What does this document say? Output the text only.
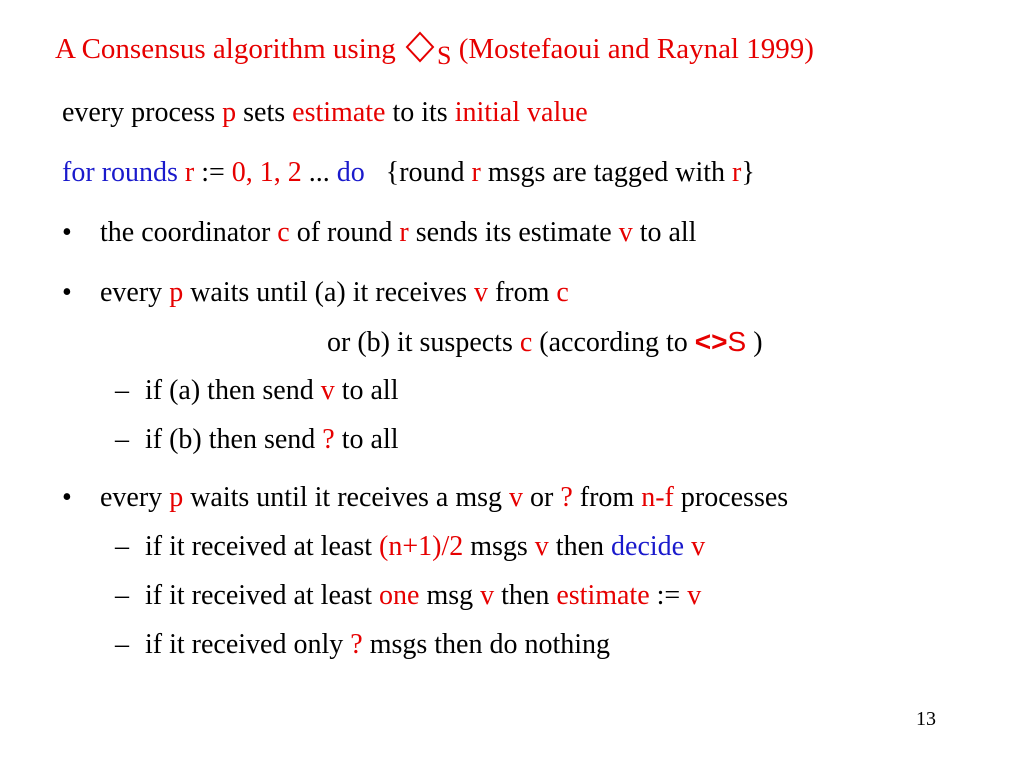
A Consensus algorithm using S (Mostefaoui and Raynal 1999)
every process p sets estimate to its initial value
for rounds r := 0, 1, 2 ... do   {round r msgs are tagged with r}
• the coordinator c of round r sends its estimate v to all
• every p waits until (a) it receives v from c
or (b) it suspects c (according to <>S )
– if (a) then send v to all
– if (b) then send ? to all
• every p waits until it receives a msg v or ? from n-f processes
– if it received at least (n+1)/2 msgs v then decide v
– if it received at least one msg v then estimate := v
– if it received only ? msgs then do nothing
13
